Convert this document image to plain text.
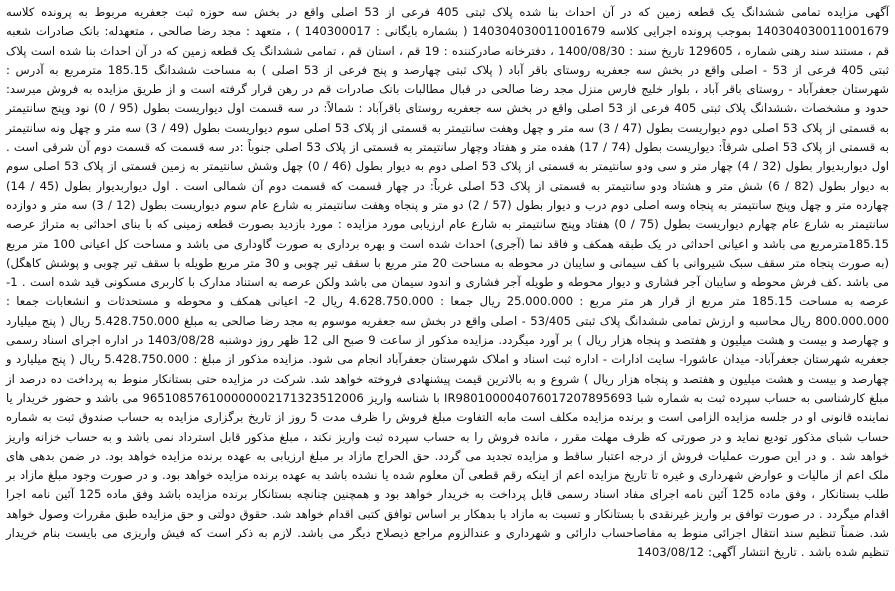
آگهی مزایده تمامی ششدانگ یک قطعه زمین که در آن احداث بنا شده پلاک ثبتی 405 فرعی از 53 اصلی واقع در بخش سه حوزه ثبت جعفریه مربوط به پرونده کلاسه 140304030011001679 بموجب پرونده اجرایی کلاسه 140304030011001679 ( بشماره بایگانی : 140300017 ) ، متعهد : مجد رضا صالحی ، متعهدله: بانک صادرات شعبه قم ، مستند سند رهنی شماره ، 129605 تاریخ سند : 1400/08/30 ، دفترخانه صادرکننده : 19 قم ، استان قم ، تمامی ششدانگ یک قطعه زمین که در آن احداث بنا شده است پلاک ثبتی 405 فرعی از 53 - اصلی واقع در بخش سه جعفریه روستای باقر آباد ( پلاک ثبتی چهارصد و پنج فرعی از 53 اصلی ) به مساحت ششدانگ 185.15 مترمربع به آدرس : شهرستان جعفرآباد - روستای باقر آباد ، بلوار خلیج فارس منزل مجد رضا صالحی در قبال مطالبات بانک صادرات قم در رهن قرار گرفته است و از طریق مزایده به فروش میرسد: حدود و مشخصات ،ششدانگ پلاک ثبتی 405 فرعی از 53 اصلی واقع در بخش سه جعفریه روستای باقرآباد : شمالاً: در سه قسمت اول دیواریست بطول (95 / 0) نود وپنج سانتیمتر به قسمتی از پلاک 53 اصلی دوم دیواریست بطول (47 / 3) سه متر و چهل وهفت سانتیمتر به قسمتی از پلاک 53 اصلی سوم دیواریست بطول (49 / 3) سه متر و چهل ونه سانتیمتر به قسمتی از پلاک 53 اصلی شرقاً: دیواریست بطول (74 / 17) هفده متر و هفتاد وچهار سانتیمتر به قسمتی از پلاک 53 اصلی جنوباً :در سه قسمت که قسمت دوم آن شرقی است . اول دیواربدیوار بطول (32 / 4) چهار متر و سی ودو سانتیمتر به قسمتی از پلاک 53 اصلی دوم به دیوار بطول (46 / 0) چهل وشش سانتیمتر به زمین قسمتی از پلاک 53 اصلی سوم به دیوار بطول (82 / 6) شش متر و هشتاد ودو سانتیمتر به قسمتی از پلاک 53 اصلی غرباً: در چهار قسمت که قسمت دوم آن شمالی است . اول دیواربدیوار بطول (45 / 14) چهارده متر و چهل وپنج سانتیمتر به پنجاه وسه اصلی دوم درب و دیوار بطول (57 / 2) دو متر و پنجاه وهفت سانتیمتر به شارع عام سوم دیواریست بطول (12 / 3) سه متر و دوازده سانتیمتر به شارع عام چهارم دیواریست بطول (75 / 0) هفتاد وپنج سانتیمتر به شارع عام ارزیابی مورد مزایده : مورد بازدید بصورت قطعه زمینی که با بنای احداثی به متراژ عرصه 185.15مترمربع می باشد و اعیانی احداثی در یک طبقه همکف و فاقد نما (آجری) احداث شده است و بهره برداری به صورت گاوداری می باشد و مساحت کل اعیانی 100 متر مربع (به صورت پنجاه متر سقف سبک شیروانی با کف سیمانی و سایبان در محوطه به مساحت 20 متر مربع با سقف تیر چوبی و 30 متر مربع طویله با سقف تیر چوبی و پوشش کاهگل) می باشد .کف فرش محوطه و سایبان آجر فشاری و دیوار محوطه و طویله آجر فشاری و اندود سیمان می باشد ولکن عرصه به استناد مدارک با کاربری مسکونی قید شده است . 1- عرصه به مساحت 185.15 متر مربع از قرار هر متر مربع : 25.000.000 ریال جمعا : 4.628.750.000 ریال 2- اعیانی همکف و محوطه و مستحدثات و انشعابات جمعا : 800.000.000 ریال محاسبه و ارزش تمامی ششدانگ پلاک ثبتی 53/405 - اصلی واقع در بخش سه جعفریه موسوم به مجد رضا صالحی به مبلغ 5.428.750.000 ریال ( پنج میلیارد و چهارصد و بیست و هشت میلیون و هفتصد و پنجاه هزار ریال ) بر آورد میگردد. مزایده مذکور از ساعت 9 صبح الی 12 ظهر روز دوشنبه 1403/08/28 در اداره اجرای اسناد رسمی جعفریه شهرستان جعفرآباد- میدان عاشورا- سایت ادارات - اداره ثبت اسناد و املاک شهرستان جعفرآباد انجام می شود. مزایده مذکور از مبلغ : 5.428.750.000 ریال ( پنج میلیارد و چهارصد و بیست و هشت میلیون و هفتصد و پنجاه هزار ریال ) شروع و به بالاترین قیمت پیشنهادی فروخته خواهد شد. شرکت در مزایده حتی بستانکار منوط به پرداخت ده درصد از مبلغ کارشناسی به حساب سپرده ثبت به شماره شبا IR980100004076017207895693 با شناسه واریز 965108576100000002171323512006 می باشد و حضور خریدار یا نماینده قانونی او در جلسه مزایده الزامی است و برنده مزایده مکلف است مابه التفاوت مبلغ فروش را ظرف مدت 5 روز از تاریخ برگزاری مزایده به حساب صندوق ثبت به شماره حساب شبای مذکور تودیع نماید و در صورتی که ظرف مهلت مقرر ، مانده فروش را به حساب سپرده ثبت واریز نکند ، مبلغ مذکور قابل استرداد نمی باشد و به حساب خزانه واریز خواهد شد . و در این صورت عملیات فروش از درجه اعتبار ساقط و مزایده تجدید می گردد. حق الحراج مازاد بر مبلغ ارزیابی به عهده برنده مزایده خواهد بود. در ضمن بدهی های ملک اعم از مالیات و عوارض شهرداری و غیره تا تاریخ مزایده اعم از اینکه رقم قطعی آن معلوم شده یا نشده باشد به عهده برنده مزایده خواهد بود. و در صورت وجود مبلغ مازاد بر طلب بستانکار ، وفق ماده 125 آئین نامه اجرای مفاد اسناد رسمی قابل پرداخت به خریدار خواهد بود و همچنین چنانچه بستانکار برنده مزایده باشد وفق ماده 125 آئین نامه اجرا اقدام میگردد . در صورت توافق بر واریز غیرنقدی با بستانکار و تسبت به مازاد با بدهکار بر اساس توافق کتبی اقدام خواهد شد. حقوق دولتی و حق مزایده طبق مقررات وصول خواهد شد. ضمناً تنظیم سند انتقال اجرائی منوط به مفاصاحساب دارائی و شهرداری و عندالزوم مراجع ذیصلاح دیگر می باشد. لازم به ذکر است که فیش واریزی می بایست بنام خریدار تنظیم شده باشد . تاریخ انتشار آگهی: 1403/08/12
